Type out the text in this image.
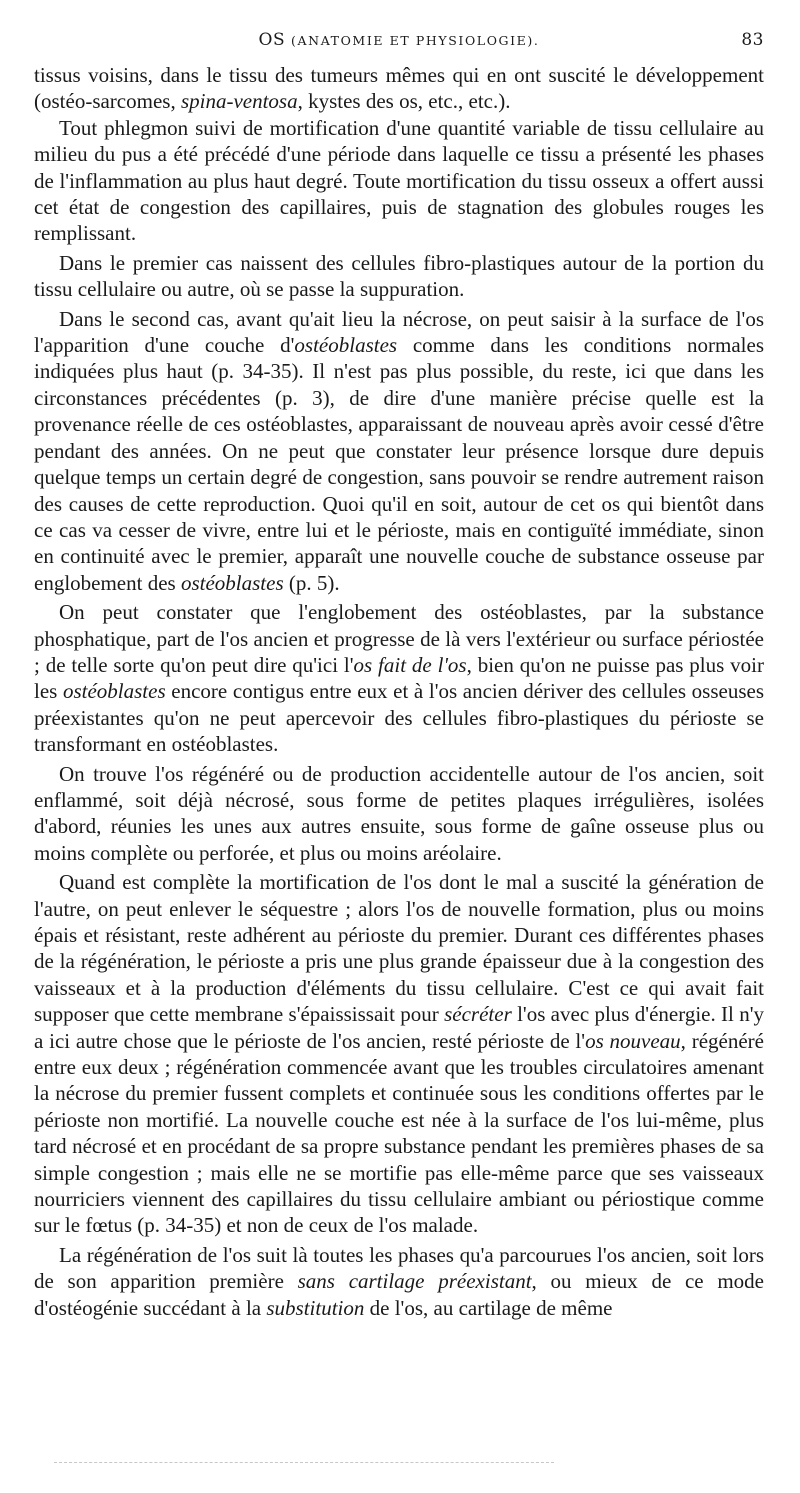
OS (ANATOMIE ET PHYSIOLOGIE).	83

tissus voisins, dans le tissu des tumeurs mêmes qui en ont suscité le développement (ostéo-sarcomes, spina-ventosa, kystes des os, etc., etc.).

Tout phlegmon suivi de mortification d'une quantité variable de tissu cellulaire au milieu du pus a été précédé d'une période dans laquelle ce tissu a présenté les phases de l'inflammation au plus haut degré. Toute mortification du tissu osseux a offert aussi cet état de congestion des capillaires, puis de stagnation des globules rouges les remplissant.

Dans le premier cas naissent des cellules fibro-plastiques autour de la portion du tissu cellulaire ou autre, où se passe la suppuration.

Dans le second cas, avant qu'ait lieu la nécrose, on peut saisir à la surface de l'os l'apparition d'une couche d'ostéoblastes comme dans les conditions normales indiquées plus haut (p. 34-35). Il n'est pas plus possible, du reste, ici que dans les circonstances précédentes (p. 3), de dire d'une manière précise quelle est la provenance réelle de ces ostéoblastes, apparaissant de nouveau après avoir cessé d'être pendant des années. On ne peut que constater leur présence lorsque dure depuis quelque temps un certain degré de congestion, sans pouvoir se rendre autrement raison des causes de cette reproduction. Quoi qu'il en soit, autour de cet os qui bientôt dans ce cas va cesser de vivre, entre lui et le périoste, mais en contiguïté immédiate, sinon en continuité avec le premier, apparaît une nouvelle couche de substance osseuse par englobement des ostéoblastes (p. 5).

On peut constater que l'englobement des ostéoblastes, par la substance phosphatique, part de l'os ancien et progresse de là vers l'extérieur ou surface périostée ; de telle sorte qu'on peut dire qu'ici l'os fait de l'os, bien qu'on ne puisse pas plus voir les ostéoblastes encore contigus entre eux et à l'os ancien dériver des cellules osseuses préexistantes qu'on ne peut apercevoir des cellules fibro-plastiques du périoste se transformant en ostéoblastes.

On trouve l'os régénéré ou de production accidentelle autour de l'os ancien, soit enflammé, soit déjà nécrosé, sous forme de petites plaques irrégulières, isolées d'abord, réunies les unes aux autres ensuite, sous forme de gaîne osseuse plus ou moins complète ou perforée, et plus ou moins aréolaire.

Quand est complète la mortification de l'os dont le mal a suscité la génération de l'autre, on peut enlever le séquestre ; alors l'os de nouvelle formation, plus ou moins épais et résistant, reste adhérent au périoste du premier. Durant ces différentes phases de la régénération, le périoste a pris une plus grande épaisseur due à la congestion des vaisseaux et à la production d'éléments du tissu cellulaire. C'est ce qui avait fait supposer que cette membrane s'épaississait pour sécréter l'os avec plus d'énergie. Il n'y a ici autre chose que le périoste de l'os ancien, resté périoste de l'os nouveau, régénéré entre eux deux ; régénération commencée avant que les troubles circulatoires amenant la nécrose du premier fussent complets et continuée sous les conditions offertes par le périoste non mortifié. La nouvelle couche est née à la surface de l'os lui-même, plus tard nécrosé et en procédant de sa propre substance pendant les premières phases de sa simple congestion ; mais elle ne se mortifie pas elle-même parce que ses vaisseaux nourriciers viennent des capillaires du tissu cellulaire ambiant ou périostique comme sur le fœtus (p. 34-35) et non de ceux de l'os malade.

La régénération de l'os suit là toutes les phases qu'a parcourues l'os ancien, soit lors de son apparition première sans cartilage préexistant, ou mieux de ce mode d'ostéogénie succédant à la substitution de l'os, au cartilage de même
